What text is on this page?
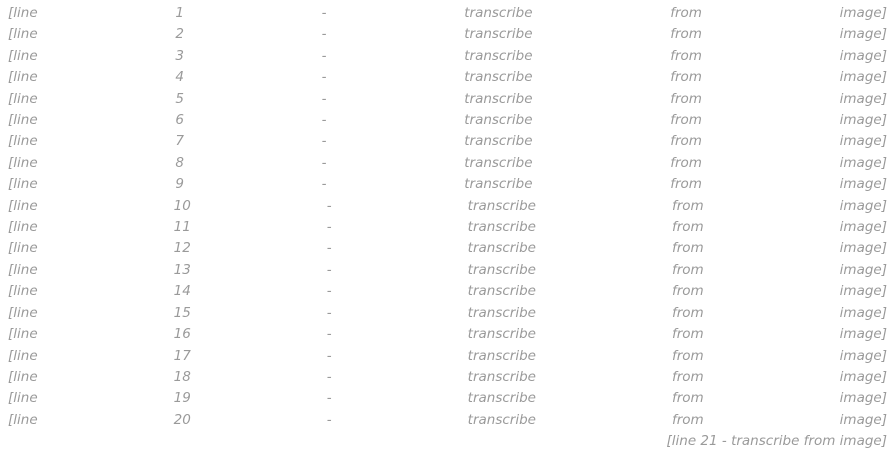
[line 1 - transcribe from image]
[line 2 - transcribe from image]
[line 3 - transcribe from image]
[line 4 - transcribe from image]
[line 5 - transcribe from image]
[line 6 - transcribe from image]
[line 7 - transcribe from image]
[line 8 - transcribe from image]
[line 9 - transcribe from image]
[line 10 - transcribe from image]
[line 11 - transcribe from image]
[line 12 - transcribe from image]
[line 13 - transcribe from image]
[line 14 - transcribe from image]
[line 15 - transcribe from image]
[line 16 - transcribe from image]
[line 17 - transcribe from image]
[line 18 - transcribe from image]
[line 19 - transcribe from image]
[line 20 - transcribe from image]
[line 21 - transcribe from image]
